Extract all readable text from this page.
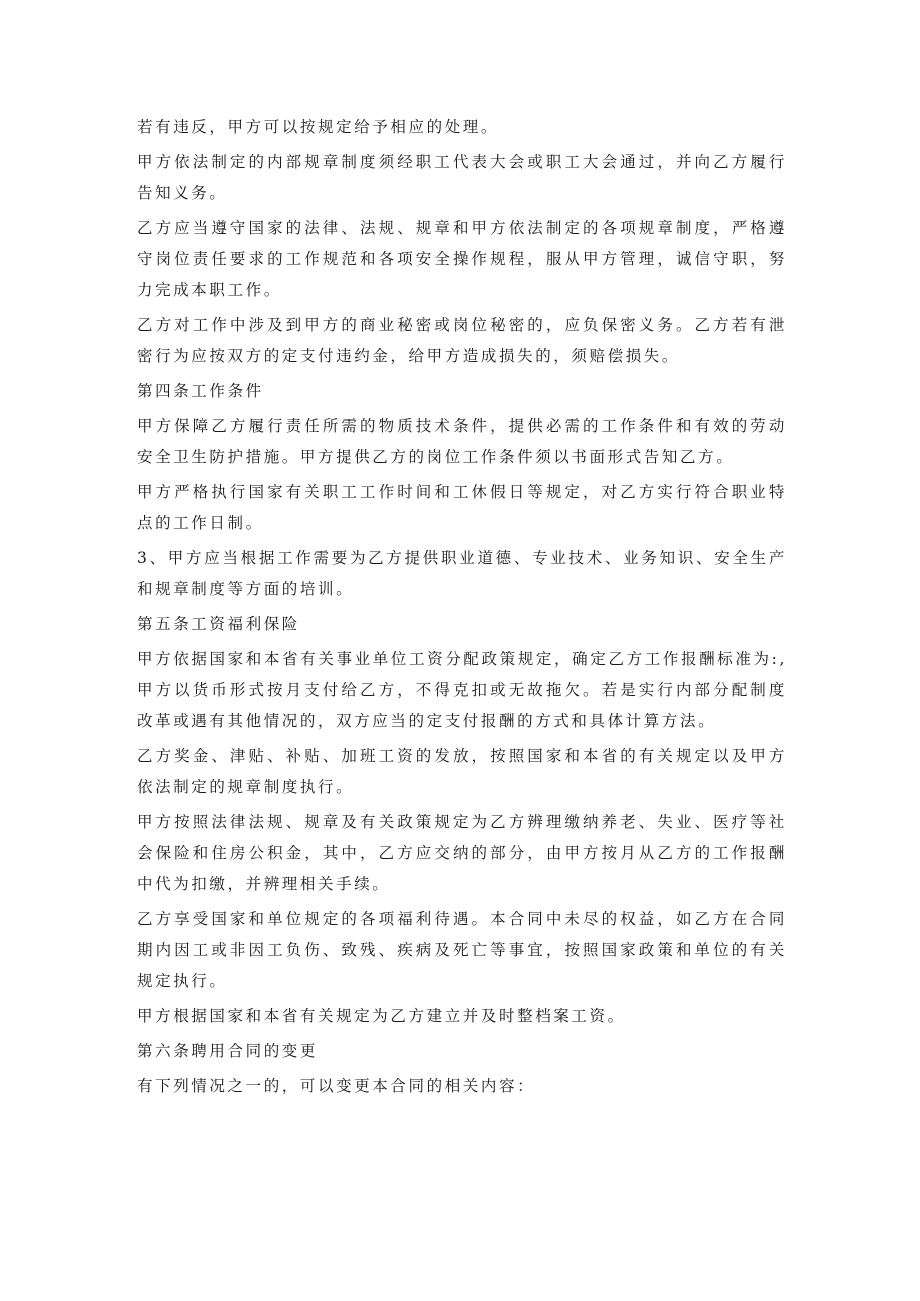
若有违反，甲方可以按规定给予相应的处理。

甲方依法制定的内部规章制度须经职工代表大会或职工大会通过，并向乙方履行告知义务。

乙方应当遵守国家的法律、法规、规章和甲方依法制定的各项规章制度，严格遵守岗位责任要求的工作规范和各项安全操作规程，服从甲方管理，诚信守职，努力完成本职工作。

乙方对工作中涉及到甲方的商业秘密或岗位秘密的，应负保密义务。乙方若有泄密行为应按双方的定支付违约金，给甲方造成损失的，须赔偿损失。

第四条工作条件

甲方保障乙方履行责任所需的物质技术条件，提供必需的工作条件和有效的劳动安全卫生防护措施。甲方提供乙方的岗位工作条件须以书面形式告知乙方。

甲方严格执行国家有关职工工作时间和工休假日等规定，对乙方实行符合职业特点的工作日制。

3、甲方应当根据工作需要为乙方提供职业道德、专业技术、业务知识、安全生产和规章制度等方面的培训。

第五条工资福利保险

甲方依据国家和本省有关事业单位工资分配政策规定，确定乙方工作报酬标准为:,甲方以货币形式按月支付给乙方，不得克扣或无故拖欠。若是实行内部分配制度改革或遇有其他情况的，双方应当的定支付报酬的方式和具体计算方法。

乙方奖金、津贴、补贴、加班工资的发放，按照国家和本省的有关规定以及甲方依法制定的规章制度执行。

甲方按照法律法规、规章及有关政策规定为乙方辨理缴纳养老、失业、医疗等社会保险和住房公积金，其中，乙方应交纳的部分，由甲方按月从乙方的工作报酬中代为扣缴，并辨理相关手续。

乙方享受国家和单位规定的各项福利待遇。本合同中未尽的权益，如乙方在合同期内因工或非因工负伤、致残、疾病及死亡等事宜，按照国家政策和单位的有关规定执行。

甲方根据国家和本省有关规定为乙方建立并及时整档案工资。

第六条聘用合同的变更

有下列情况之一的，可以变更本合同的相关内容：
